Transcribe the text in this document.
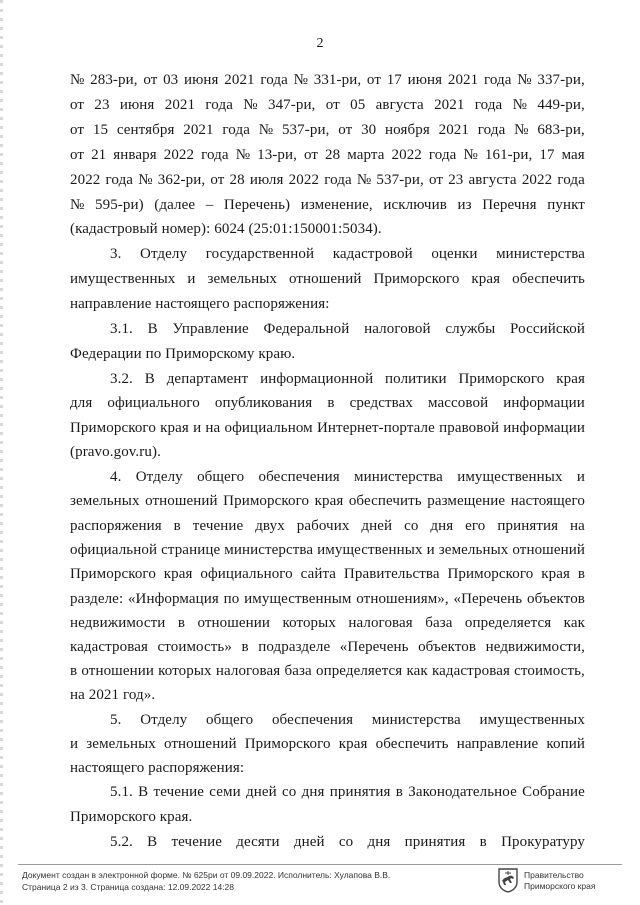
2
№ 283-ри, от 03 июня 2021 года № 331-ри, от 17 июня 2021 года № 337-ри,
от 23 июня 2021 года № 347-ри, от 05 августа 2021 года № 449-ри,
от 15 сентября 2021 года № 537-ри, от 30 ноября 2021 года № 683-ри,
от 21 января 2022 года № 13-ри, от 28 марта 2022 года № 161-ри, 17 мая
2022 года № 362-ри, от 28 июля 2022 года № 537-ри, от 23 августа 2022 года
№ 595-ри) (далее – Перечень) изменение, исключив из Перечня пункт
(кадастровый номер): 6024 (25:01:150001:5034).
3. Отделу государственной кадастровой оценки министерства
имущественных и земельных отношений Приморского края обеспечить
направление настоящего распоряжения:
3.1. В Управление Федеральной налоговой службы Российской
Федерации по Приморскому краю.
3.2. В департамент информационной политики Приморского края
для официального опубликования в средствах массовой информации
Приморского края и на официальном Интернет-портале правовой информации
(pravo.gov.ru).
4. Отделу общего обеспечения министерства имущественных и
земельных отношений Приморского края обеспечить размещение настоящего
распоряжения в течение двух рабочих дней со дня его принятия на
официальной странице министерства имущественных и земельных отношений
Приморского края официального сайта Правительства Приморского края в
разделе: «Информация по имущественным отношениям», «Перечень объектов
недвижимости в отношении которых налоговая база определяется как
кадастровая стоимость» в подразделе «Перечень объектов недвижимости,
в отношении которых налоговая база определяется как кадастровая стоимость,
на 2021 год».
5. Отделу общего обеспечения министерства имущественных
и земельных отношений Приморского края обеспечить направление копий
настоящего распоряжения:
5.1. В течение семи дней со дня принятия в Законодательное Собрание
Приморского края.
5.2. В течение десяти дней со дня принятия в Прокуратуру
Документ создан в электронной форме. № 625ри от 09.09.2022. Исполнитель: Хулапова В.В.
Страница 2 из 3. Страница создана: 12.09.2022 14:28
Правительство
Приморского края
